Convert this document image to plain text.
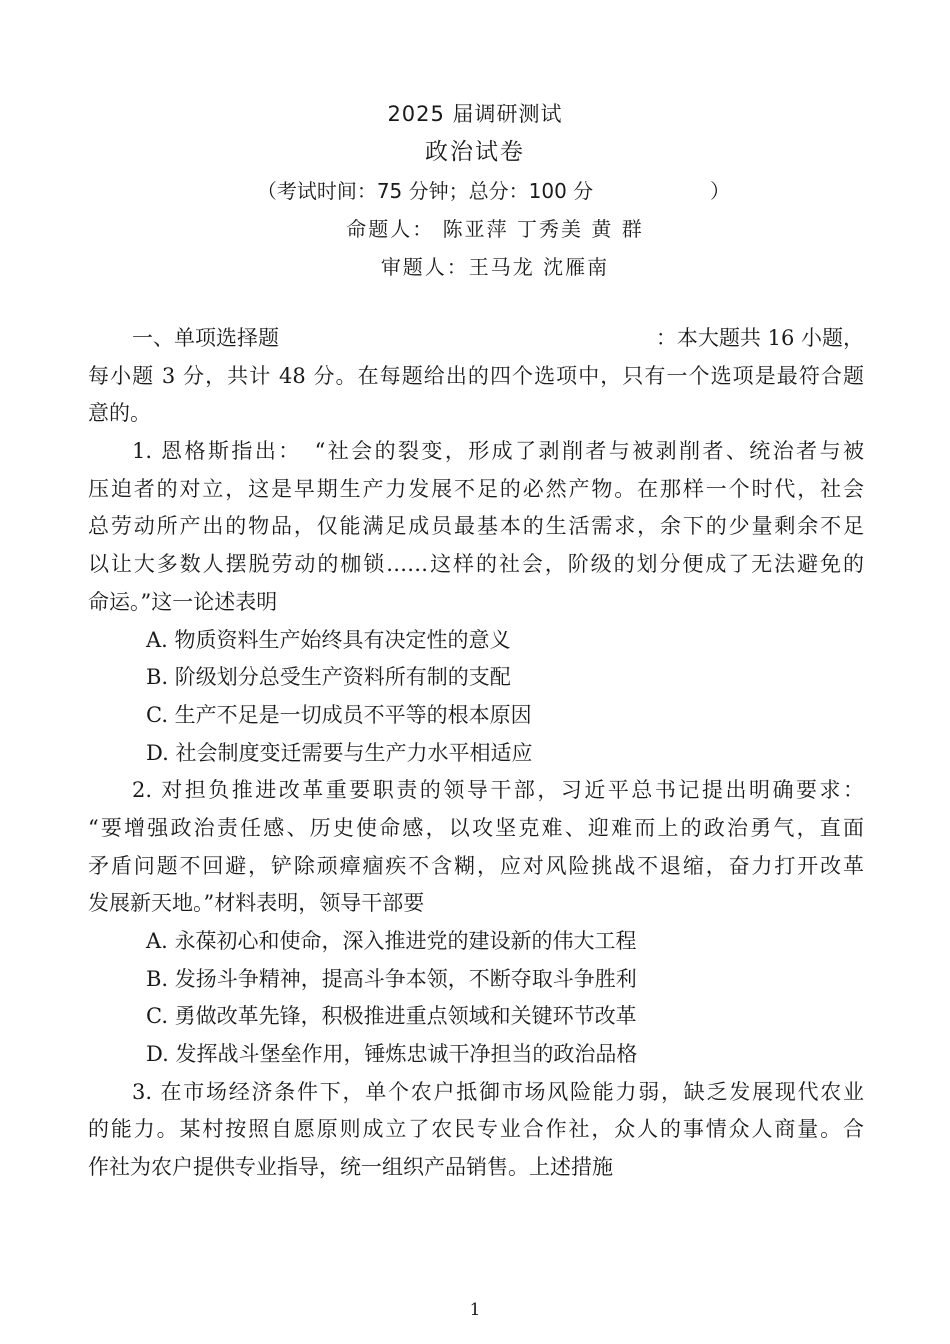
2025 届调研测试
政治试卷
（考试时间：75 分钟；总分：100 分	）
命题人： 陈亚萍 丁秀美 黄 群
审题人：王马龙 沈雁南
一、单项选择题	：本大题共 16 小题，
每小题 3 分，共计 48 分。在每题给出的四个选项中，只有一个选项是最符合题
意的。
1. 恩格斯指出：　“社会的裂变，形成了剥削者与被剥削者、统治者与被
压迫者的对立，这是早期生产力发展不足的必然产物。在那样一个时代，社会
总劳动所产出的物品，仅能满足成员最基本的生活需求，余下的少量剩余不足
以让大多数人摆脱劳动的枷锁……这样的社会，阶级的划分便成了无法避免的
命运。”这一论述表明
A. 物质资料生产始终具有决定性的意义
B. 阶级划分总受生产资料所有制的支配
C. 生产不足是一切成员不平等的根本原因
D. 社会制度变迁需要与生产力水平相适应
2. 对担负推进改革重要职责的领导干部，习近平总书记提出明确要求：
“要增强政治责任感、历史使命感，以攻坚克难、迎难而上的政治勇气，直面
矛盾问题不回避，铲除顽瘴痼疾不含糊，应对风险挑战不退缩，奋力打开改革
发展新天地。”材料表明，领导干部要
A. 永葆初心和使命，深入推进党的建设新的伟大工程
B. 发扬斗争精神，提高斗争本领，不断夺取斗争胜利
C. 勇做改革先锋，积极推进重点领域和关键环节改革
D. 发挥战斗堡垒作用，锤炼忠诚干净担当的政治品格
3. 在市场经济条件下，单个农户抵御市场风险能力弱，缺乏发展现代农业
的能力。某村按照自愿原则成立了农民专业合作社，众人的事情众人商量。合
作社为农户提供专业指导，统一组织产品销售。上述措施
1
